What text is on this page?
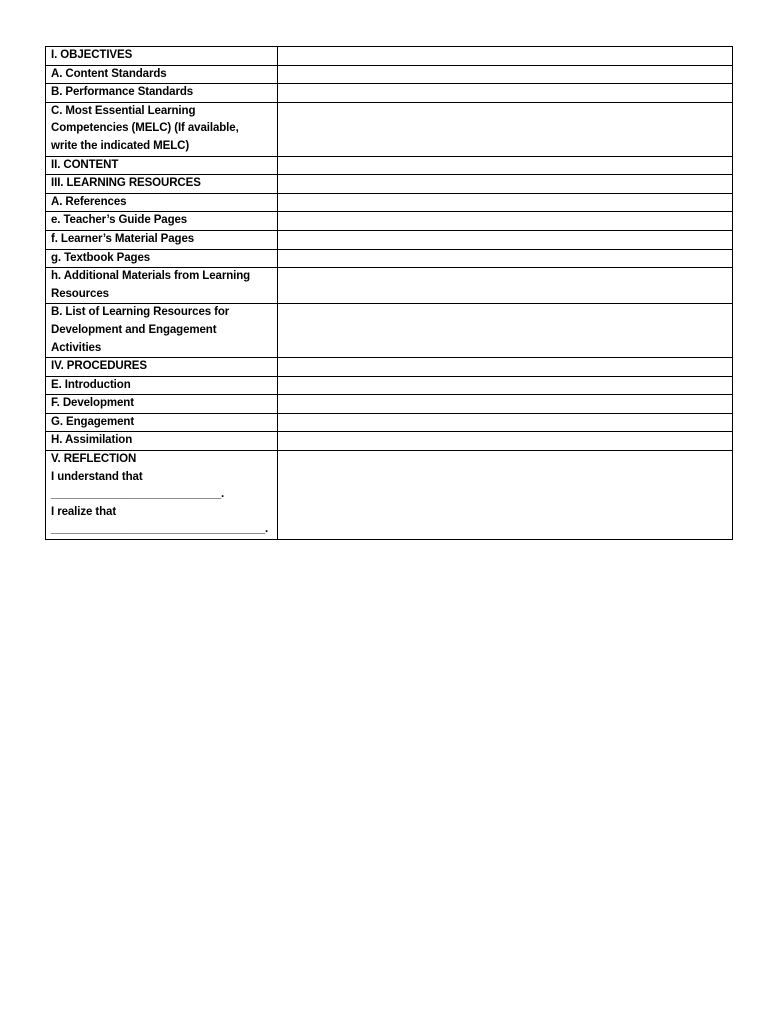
I. OBJECTIVES	

A. Content Standards	

B. Performance Standards	

C. Most Essential Learning
Competencies (MELC) (If available,
write the indicated MELC)	

II. CONTENT	

III. LEARNING RESOURCES	

A. References	

e. Teacher’s Guide Pages	

f. Learner’s Material Pages	

g. Textbook Pages	

h. Additional Materials from Learning
Resources	

B. List of Learning Resources for
Development and Engagement
Activities	

IV. PROCEDURES	

E. Introduction	

F. Development	

G. Engagement	

H. Assimilation	

V. REFLECTION
I understand that
___________________________.
I realize that
__________________________________.	
